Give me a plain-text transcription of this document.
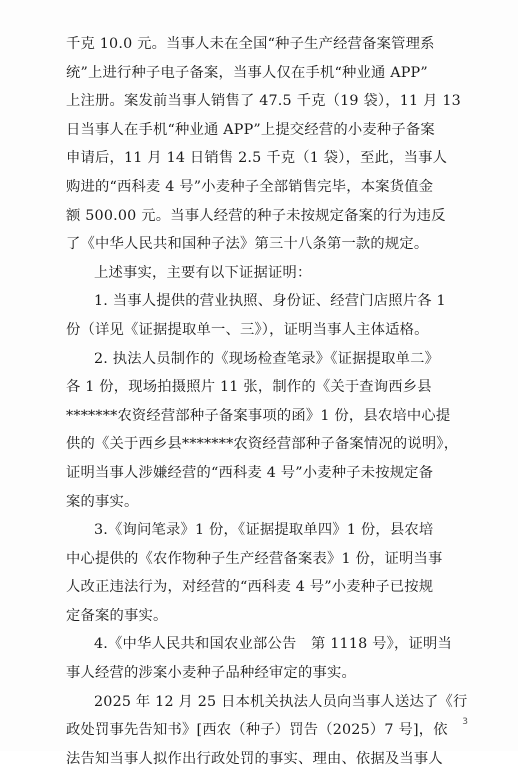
千克 10.0 元。当事人未在全国“种子生产经营备案管理系
统”上进行种子电子备案，当事人仅在手机“种业通 APP”
上注册。案发前当事人销售了 47.5 千克（19 袋），11 月 13
日当事人在手机“种业通 APP”上提交经营的小麦种子备案
申请后，11 月 14 日销售 2.5 千克（1 袋），至此，当事人
购进的“西科麦 4 号”小麦种子全部销售完毕，本案货值金
额 500.00 元。当事人经营的种子未按规定备案的行为违反
了《中华人民共和国种子法》第三十八条第一款的规定。
上述事实，主要有以下证据证明：
1. 当事人提供的营业执照、身份证、经营门店照片各 1
份（详见《证据提取单一、三》），证明当事人主体适格。
2. 执法人员制作的《现场检查笔录》《证据提取单二》
各 1 份，现场拍摄照片 11 张，制作的《关于查询西乡县
*******农资经营部种子备案事项的函》1 份，县农培中心提
供的《关于西乡县*******农资经营部种子备案情况的说明》，
证明当事人涉嫌经营的“西科麦 4 号”小麦种子未按规定备
案的事实。
3.《询问笔录》1 份，《证据提取单四》1 份，县农培
中心提供的《农作物种子生产经营备案表》1 份，证明当事
人改正违法行为，对经营的“西科麦 4 号”小麦种子已按规
定备案的事实。
4.《中华人民共和国农业部公告　第 1118 号》，证明当
事人经营的涉案小麦种子品种经审定的事实。
2025 年 12 月 25 日本机关执法人员向当事人送达了《行
政处罚事先告知书》[西农（种子）罚告（2025）7 号]，依
法告知当事人拟作出行政处罚的事实、理由、依据及当事人
3
